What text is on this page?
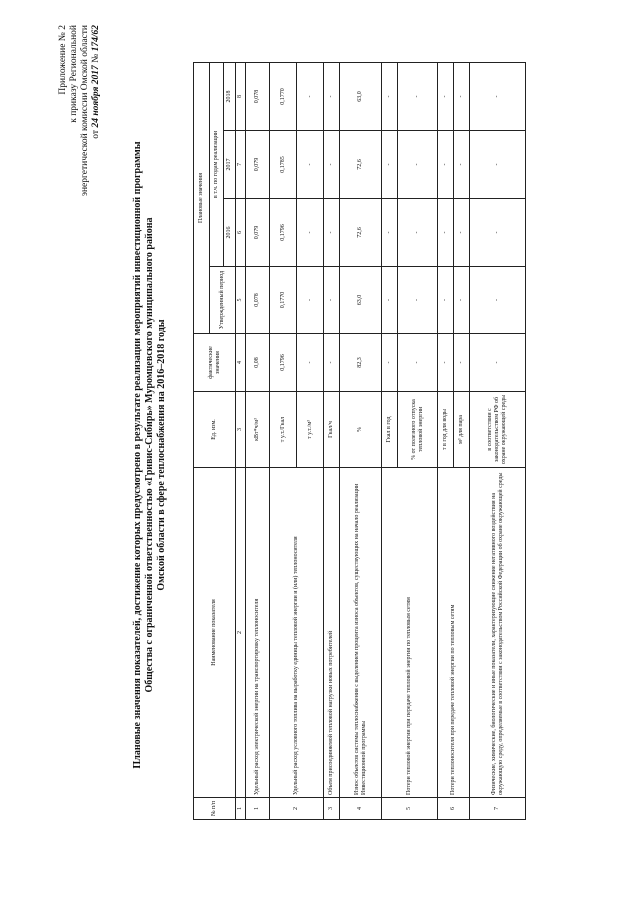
Приложение № 2 к приказу Региональной энергетической комиссии Омской области от 24 ноября 2017 № 174/62
Плановые значения показателей, достижение которых предусмотрено в результате реализации мероприятий инвестиционной программы Общества с ограниченной ответственностью «Гривис-Сибирь» Муромцевского муниципального района Омской области в сфере теплоснабжения на 2016–2018 годы
№ п/п	Наименование показателя	Ед. изм.	фактические значения	Плановые значения			
				Утвержденный период	в т.ч. по годам реализации		
					2016	2017	2018
1	2	3	4	5	6	7	8
1	Удельный расход электрической энергии на транспортировку теплоносителя	кВт*ч/м³	0,08	0,078	0,079	0,079	0,078
2	Удельный расход условного топлива на выработку единицы тепловой энергии и (или) теплоносителя	т у.т./Гкал	0,1796	0,1770	0,1796	0,1785	0,1770
		т у.т./м³	-	-	-	-	-
3	Объем присоединяемой тепловой нагрузки новых потребителей	Гкал/ч	-	-	-	-	-
4	Износ объектов системы теплоснабжения с выделением процента износа объектов, существующих на начало реализации Инвестиционной программы	%	82,3	63,0	72,6	72,6	63,0
5	Потери тепловой энергии при передаче тепловой энергии по тепловым сетям	Гкал в год	-	-	-	-	-
		% от полезного отпуска тепловой энергии	-	-	-	-	-
6	Потери теплоносителя при передаче тепловой энергии по тепловым сетям	т в год для воды	-	-	-	-	-
		м³ для пара	-	-	-	-	-
7	Физические, химические, биологические и иные показатели, характеризующие снижение негативного воздействия на окружающую среду, определяемые в соответствии с законодательством Российской Федерации об охране окружающей среды	в соответствии с законодательством РФ об охране окружающей среды	-	-	-	-	-
